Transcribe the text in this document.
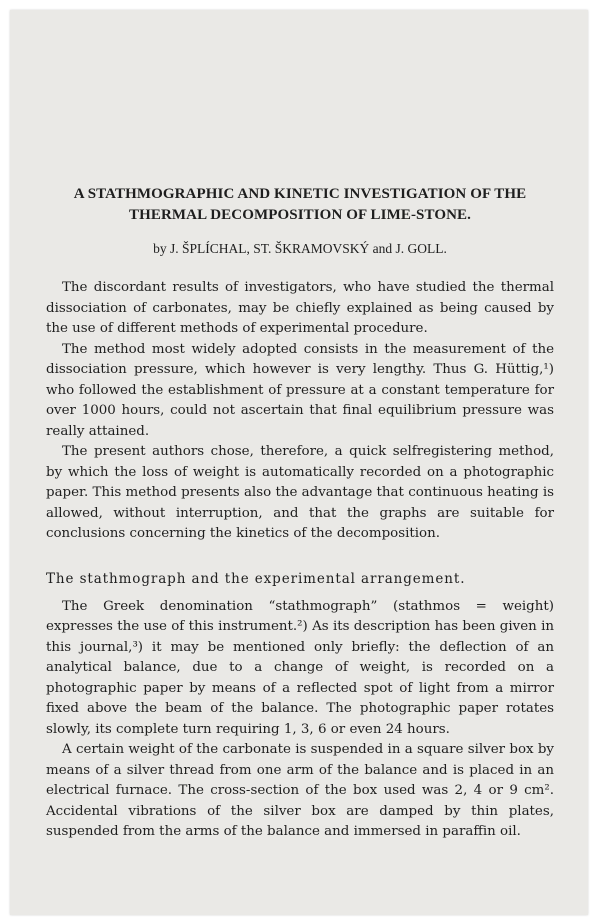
A STATHMOGRAPHIC AND KINETIC INVESTIGATION OF THE
THERMAL DECOMPOSITION OF LIME-STONE.
by J. ŠPLÍCHAL, ST. ŠKRAMOVSKÝ and J. GOLL.

The discordant results of investigators, who have studied the thermal dissociation of carbonates, may be chiefly explained as being caused by the use of different methods of experimental procedure.

The method most widely adopted consists in the measurement of the dissociation pressure, which however is very lengthy. Thus G. Hüttig,¹) who followed the establishment of pressure at a constant temperature for over 1000 hours, could not ascertain that final equilibrium pressure was really attained.

The present authors chose, therefore, a quick selfregistering method, by which the loss of weight is automatically recorded on a photographic paper. This method presents also the advantage that continuous heating is allowed, without interruption, and that the graphs are suitable for conclusions concerning the kinetics of the decomposition.

The stathmograph and the experimental arrangement.

The Greek denomination “stathmograph” (stathmos = weight) expresses the use of this instrument.²) As its description has been given in this journal,³) it may be mentioned only briefly: the deflection of an analytical balance, due to a change of weight, is recorded on a photographic paper by means of a reflected spot of light from a mirror fixed above the beam of the balance. The photographic paper rotates slowly, its complete turn requiring 1, 3, 6 or even 24 hours.

A certain weight of the carbonate is suspended in a square silver box by means of a silver thread from one arm of the balance and is placed in an electrical furnace. The cross-section of the box used was 2, 4 or 9 cm². Accidental vibrations of the silver box are damped by thin plates, suspended from the arms of the balance and immersed in paraffin oil.
